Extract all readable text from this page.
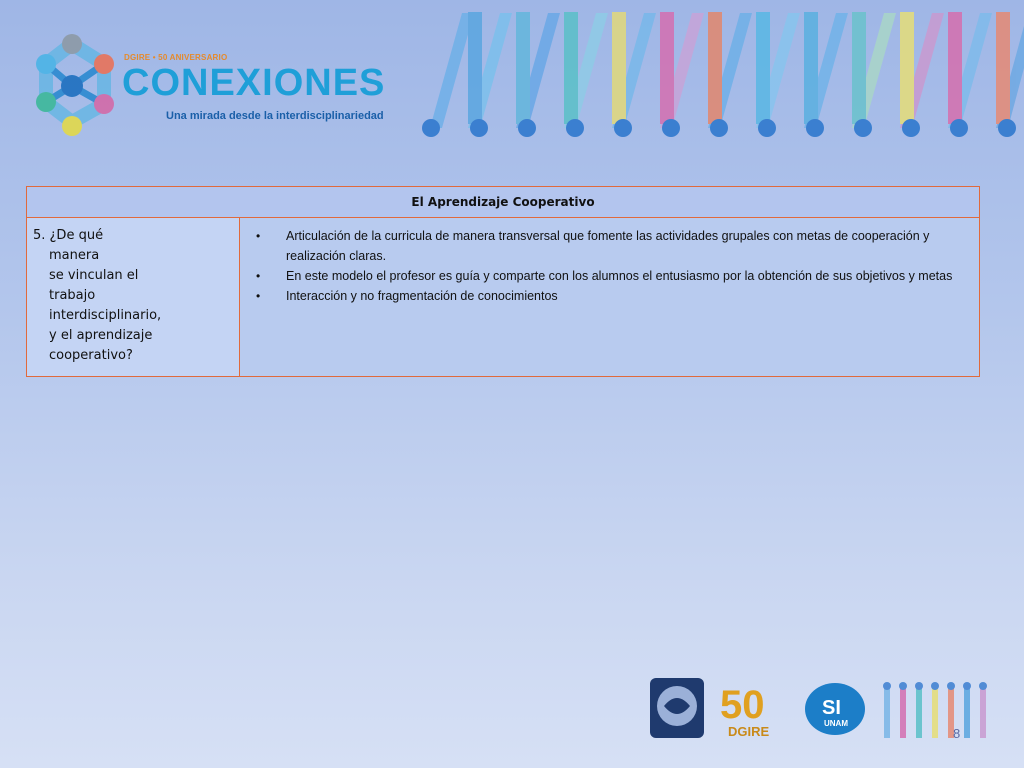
DGIRE • 50 ANIVERSARIO
CONEXIONES
Una mirada desde la interdisciplinariedad
El Aprendizaje Cooperativo

5. ¿De qué
manera
se vinculan el
trabajo
interdisciplinario,
y el aprendizaje
cooperativo?

• Articulación de la curricula de manera transversal que fomente las actividades grupales con metas de cooperación y realización claras.
• En este modelo el profesor es guía y comparte con los alumnos el entusiasmo por la obtención de sus objetivos y metas
• Interacción y no fragmentación de conocimientos
50
DGIRE
SI
UNAM
8
